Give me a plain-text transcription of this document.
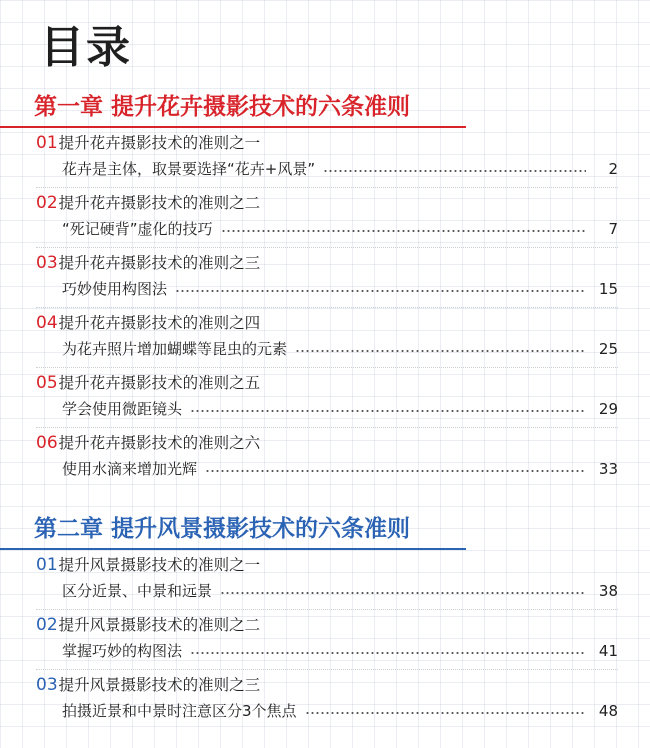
目录
第一章 提升花卉摄影技术的六条准则
01提升花卉摄影技术的准则之一
花卉是主体，取景要选择“花卉+风景”	2
02提升花卉摄影技术的准则之二
“死记硬背”虚化的技巧	7
03提升花卉摄影技术的准则之三
巧妙使用构图法	15
04提升花卉摄影技术的准则之四
为花卉照片增加蝴蝶等昆虫的元素	25
05提升花卉摄影技术的准则之五
学会使用微距镜头	29
06提升花卉摄影技术的准则之六
使用水滴来增加光辉	33
第二章 提升风景摄影技术的六条准则
01提升风景摄影技术的准则之一
区分近景、中景和远景	38
02提升风景摄影技术的准则之二
掌握巧妙的构图法	41
03提升风景摄影技术的准则之三
拍摄近景和中景时注意区分3个焦点	48
